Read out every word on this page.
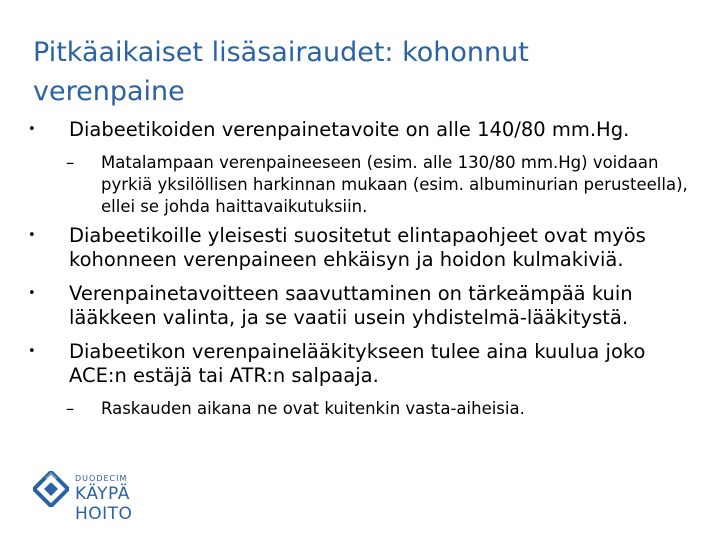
Pitkäaikaiset lisäsairaudet: kohonnut verenpaine
• Diabeetikoiden verenpainetavoite on alle 140/80 mm.Hg.
– Matalampaan verenpaineeseen (esim. alle 130/80 mm.Hg) voidaan pyrkiä yksilöllisen harkinnan mukaan (esim. albuminurian perusteella), ellei se johda haittavaikutuksiin.
• Diabeetikoille yleisesti suositetut elintapaohjeet ovat myös kohonneen verenpaineen ehkäisyn ja hoidon kulmakiviä.
• Verenpainetavoitteen saavuttaminen on tärkeämpää kuin lääkkeen valinta, ja se vaatii usein yhdistelmä-lääkitystä.
• Diabeetikon verenpainelääkitykseen tulee aina kuulua joko ACE:n estäjä tai ATR:n salpaaja.
– Raskauden aikana ne ovat kuitenkin vasta-aiheisia.
DUODECIM
KÄYPÄ HOITO
